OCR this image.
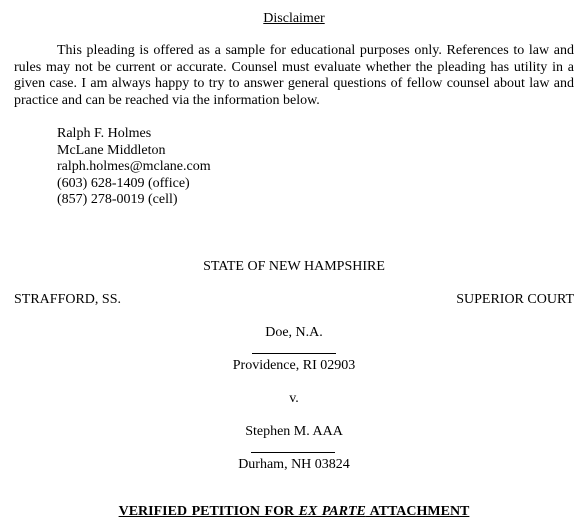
Disclaimer
This pleading is offered as a sample for educational purposes only. References to law and rules may not be current or accurate. Counsel must evaluate whether the pleading has utility in a given case. I am always happy to try to answer general questions of fellow counsel about law and practice and can be reached via the information below.
Ralph F. Holmes
McLane Middleton
ralph.holmes@mclane.com
(603) 628-1409 (office)
(857) 278-0019 (cell)
STATE OF NEW HAMPSHIRE
STRAFFORD, SS.	SUPERIOR COURT
Doe, N.A.
Providence, RI 02903
v.
Stephen M. AAA
Durham, NH 03824
VERIFIED PETITION FOR EX PARTE ATTACHMENT
